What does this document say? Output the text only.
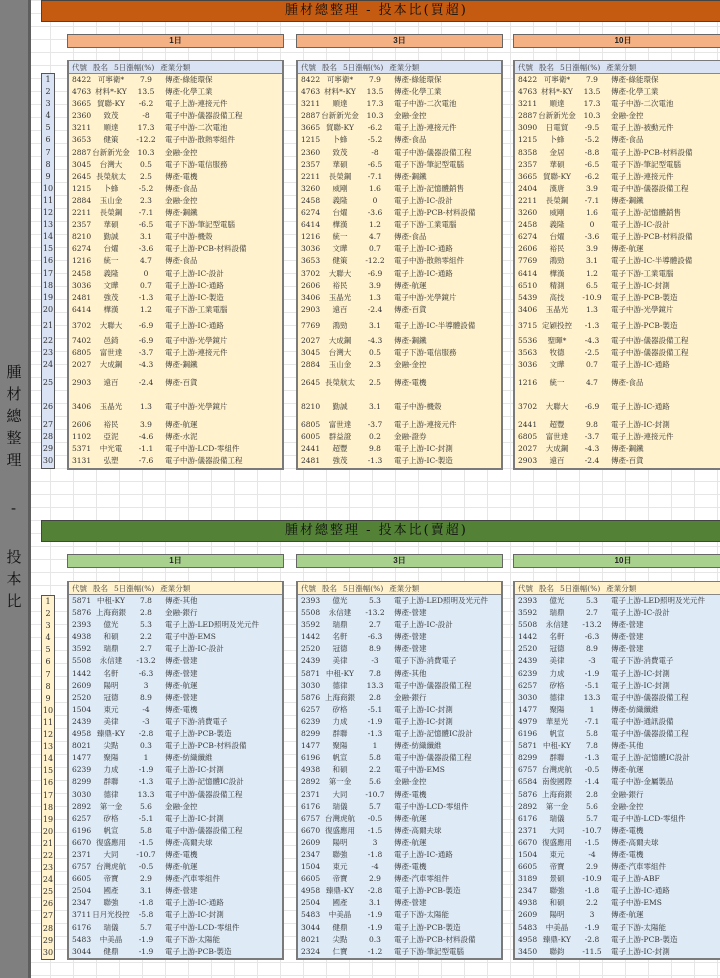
腫材總整理 - 投本比
腫材總整理 - 投本比(買超)
1日	3日	10日
1
2
3
4
5
6
7
8
9
10
11
12
13
14
15
16
17
18
19
20
21
22
23
24
25
26
27
28
29
30
代號 股名 5日漲幅(%) 產業分類
8422 可寧衛*	7.9	傳產-綠能環保
4763 材料*-KY	13.5	傳產-化學工業
3665 貿聯-KY	-6.2	電子上游-連接元件
2360	致茂	-8	電子中游-儀器設備工程
3211	順達	17.3	電子中游-二次電池
3653	健策	-12.2	電子中游-散熱零組件
2887 台新新光金	10.3	金融-金控
3045	台灣大	0.5	電子下游-電信服務
2645 長榮航太	2.5	傳產-電機
1215	卜蜂	-5.2	傳產-食品
2884	玉山金	2.3	金融-金控
2211	長榮鋼	-7.1	傳產-鋼鐵
2357	華碩	-6.5	電子下游-筆記型電腦
8210	勤誠	3.1	電子中游-機殼
6274	台燿	-3.6	電子上游-PCB-材料設備
1216	統一	4.7	傳產-食品
2458	義隆	0	電子上游-IC-設計
3036	文曄	0.7	電子上游-IC-通路
2481	強茂	-1.3	電子上游-IC-製造
6414	樺漢	1.2	電子下游-工業電腦
3702	大聯大	-6.9	電子上游-IC-通路
7402	邑錡	-6.9	電子中游-光學鏡片
6805	富世達	-3.7	電子上游-連接元件
2027	大成鋼	-4.3	傳產-鋼鐵
2903	遠百	-2.4	傳產-百貨
3406	玉晶光	1.3	電子中游-光學鏡片
2606	裕民	3.9	傳產-航運
1102	亞泥	-4.6	傳產-水泥
5371	中光電	-1.1	電子中游-LCD-零組件
3131	弘塑	-7.6	電子中游-儀器設備工程
代號 股名 5日漲幅(%) 產業分類
8422 可寧衛*	7.9	傳產-綠能環保
4763 材料*-KY	13.5	傳產-化學工業
3211	順達	17.3	電子中游-二次電池
2887 台新新光金	10.3	金融-金控
3665 貿聯-KY	-6.2	電子上游-連接元件
1215	卜蜂	-5.2	傳產-食品
2360	致茂	-8	電子中游-儀器設備工程
2357	華碩	-6.5	電子下游-筆記型電腦
2211	長榮鋼	-7.1	傳產-鋼鐵
3260	威剛	1.6	電子上游-記憶體銷售
2458	義隆	0	電子上游-IC-設計
6274	台燿	-3.6	電子上游-PCB-材料設備
6414	樺漢	1.2	電子下游-工業電腦
1216	統一	4.7	傳產-食品
3036	文曄	0.7	電子上游-IC-通路
3653	健策	-12.2	電子中游-散熱零組件
3702	大聯大	-6.9	電子上游-IC-通路
2606	裕民	3.9	傳產-航運
3406	玉晶光	1.3	電子中游-光學鏡片
2903	遠百	-2.4	傳產-百貨
7769	鴻勁	3.1	電子上游-IC-半導體設備
2027	大成鋼	-4.3	傳產-鋼鐵
3045	台灣大	0.5	電子下游-電信服務
2884	玉山金	2.3	金融-金控
2645 長榮航太	2.5	傳產-電機
8210	勤誠	3.1	電子中游-機殼
6805	富世達	-3.7	電子上游-連接元件
6005	群益證	0.2	金融-證券
2441	超豐	9.8	電子上游-IC-封測
2481	強茂	-1.3	電子上游-IC-製造
代號 股名 5日漲幅(%) 產業分類
8422 可寧衛*	7.9	傳產-綠能環保
4763 材料*-KY	13.5	傳產-化學工業
3211	順達	17.3	電子中游-二次電池
2887 台新新光金	10.3	金融-金控
3090	日電貿	-9.5	電子上游-被動元件
1215	卜蜂	-5.2	傳產-食品
8358	金居	-8.8	電子上游-PCB-材料設備
2357	華碩	-6.5	電子下游-筆記型電腦
3665 貿聯-KY	-6.2	電子上游-連接元件
2404	漢唐	3.9	電子中游-儀器設備工程
2211	長榮鋼	-7.1	傳產-鋼鐵
3260	威剛	1.6	電子上游-記憶體銷售
2458	義隆	0	電子上游-IC-設計
6274	台燿	-3.6	電子上游-PCB-材料設備
2606	裕民	3.9	傳產-航運
7769	鴻勁	3.1	電子上游-IC-半導體設備
6414	樺漢	1.2	電子下游-工業電腦
6510	精測	6.5	電子上游-IC-封測
5439	高技	-10.9	電子上游-PCB-製造
3406	玉晶光	1.3	電子中游-光學鏡片
3715 定穎投控	-1.3	電子上游-PCB-製造
5536	聖暉*	-4.3	電子中游-儀器設備工程
3563	牧德	-2.5	電子中游-儀器設備工程
3036	文曄	0.7	電子上游-IC-通路
1216	統一	4.7	傳產-食品
3702	大聯大	-6.9	電子上游-IC-通路
2441	超豐	9.8	電子上游-IC-封測
6805	富世達	-3.7	電子上游-連接元件
2027	大成鋼	-4.3	傳產-鋼鐵
2903	遠百	-2.4	傳產-百貨
腫材總整理 - 投本比(賣超)
1日	3日	10日
1
2
3
4
5
6
7
8
9
10
11
12
13
14
15
16
17
18
19
20
21
22
23
24
25
26
27
28
29
30
代號 股名 5日漲幅(%) 產業分類
5871 中租-KY	7.8	傳產-其他
5876 上海商銀	2.8	金融-銀行
2393	億光	5.3	電子上游-LED照明及光元件
4938	和碩	2.2	電子中游-EMS
3592	瑞鼎	2.7	電子上游-IC-設計
5508	永信建	-13.2	傳產-營建
1442	名軒	-6.3	傳產-營建
2609	陽明	3	傳產-航運
2520	冠德	8.9	傳產-營建
1504	東元	-4	傳產-電機
2439	美律	-3	電子下游-消費電子
4958 臻鼎-KY	-2.8	電子上游-PCB-製造
8021	尖點	0.3	電子上游-PCB-材料設備
1477	聚陽	1	傳產-紡織纖維
6239	力成	-1.9	電子上游-IC-封測
8299	群聯	-1.3	電子上游-記憶體IC設計
3030	德律	13.3	電子中游-儀器設備工程
2892	第一金	5.6	金融-金控
6257	矽格	-5.1	電子上游-IC-封測
6196	帆宣	5.8	電子中游-儀器設備工程
6670 復盛應用	-1.5	傳產-高爾夫球
2371	大同	-10.7	傳產-電機
6757 台灣虎航	-0.5	傳產-航運
6605	帝寶	2.9	傳產-汽車零組件
2504	國產	3.1	傳產-營建
2347	聯強	-1.8	電子上游-IC-通路
3711 日月光投控	-5.8	電子上游-IC-封測
6176	瑞儀	5.7	電子中游-LCD-零組件
5483	中美晶	-1.9	電子下游-太陽能
3044	健鼎	-1.9	電子上游-PCB-製造
代號 股名 5日漲幅(%) 產業分類
2393	億光	5.3	電子上游-LED照明及光元件
5508	永信建	-13.2	傳產-營建
3592	瑞鼎	2.7	電子上游-IC-設計
1442	名軒	-6.3	傳產-營建
2520	冠德	8.9	傳產-營建
2439	美律	-3	電子下游-消費電子
5871 中租-KY	7.8	傳產-其他
3030	德律	13.3	電子中游-儀器設備工程
5876 上海商銀	2.8	金融-銀行
6257	矽格	-5.1	電子上游-IC-封測
6239	力成	-1.9	電子上游-IC-封測
8299	群聯	-1.3	電子上游-記憶體IC設計
1477	聚陽	1	傳產-紡織纖維
6196	帆宣	5.8	電子中游-儀器設備工程
4938	和碩	2.2	電子中游-EMS
2892	第一金	5.6	金融-金控
2371	大同	-10.7	傳產-電機
6176	瑞儀	5.7	電子中游-LCD-零組件
6757 台灣虎航	-0.5	傳產-航運
6670 復盛應用	-1.5	傳產-高爾夫球
2609	陽明	3	傳產-航運
2347	聯強	-1.8	電子上游-IC-通路
1504	東元	-4	傳產-電機
6605	帝寶	2.9	傳產-汽車零組件
4958 臻鼎-KY	-2.8	電子上游-PCB-製造
2504	國產	3.1	傳產-營建
5483	中美晶	-1.9	電子下游-太陽能
3044	健鼎	-1.9	電子上游-PCB-製造
8021	尖點	0.3	電子上游-PCB-材料設備
2324	仁寶	-1.2	電子下游-筆記型電腦
代號 股名 5日漲幅(%) 產業分類
2393	億光	5.3	電子上游-LED照明及光元件
3592	瑞鼎	2.7	電子上游-IC-設計
5508	永信建	-13.2	傳產-營建
1442	名軒	-6.3	傳產-營建
2520	冠德	8.9	傳產-營建
2439	美律	-3	電子下游-消費電子
6239	力成	-1.9	電子上游-IC-封測
6257	矽格	-5.1	電子上游-IC-封測
3030	德律	13.3	電子中游-儀器設備工程
1477	聚陽	1	傳產-紡織纖維
4979	華星光	-7.1	電子中游-通訊設備
6196	帆宣	5.8	電子中游-儀器設備工程
5871 中租-KY	7.8	傳產-其他
8299	群聯	-1.3	電子上游-記憶體IC設計
6757 台灣虎航	-0.5	傳產-航運
6584 南俊國際	-1.4	電子中游-金屬製品
5876 上海商銀	2.8	金融-銀行
2892	第一金	5.6	金融-金控
6176	瑞儀	5.7	電子中游-LCD-零組件
2371	大同	-10.7	傳產-電機
6670 復盛應用	-1.5	傳產-高爾夫球
1504	東元	-4	傳產-電機
6605	帝寶	2.9	傳產-汽車零組件
3189	景碩	-10.9	電子上游-ABF
2347	聯強	-1.8	電子上游-IC-通路
4938	和碩	2.2	電子中游-EMS
2609	陽明	3	傳產-航運
5483	中美晶	-1.9	電子下游-太陽能
4958 臻鼎-KY	-2.8	電子上游-PCB-製造
3450	聯鈞	-11.5	電子上游-IC-封測
